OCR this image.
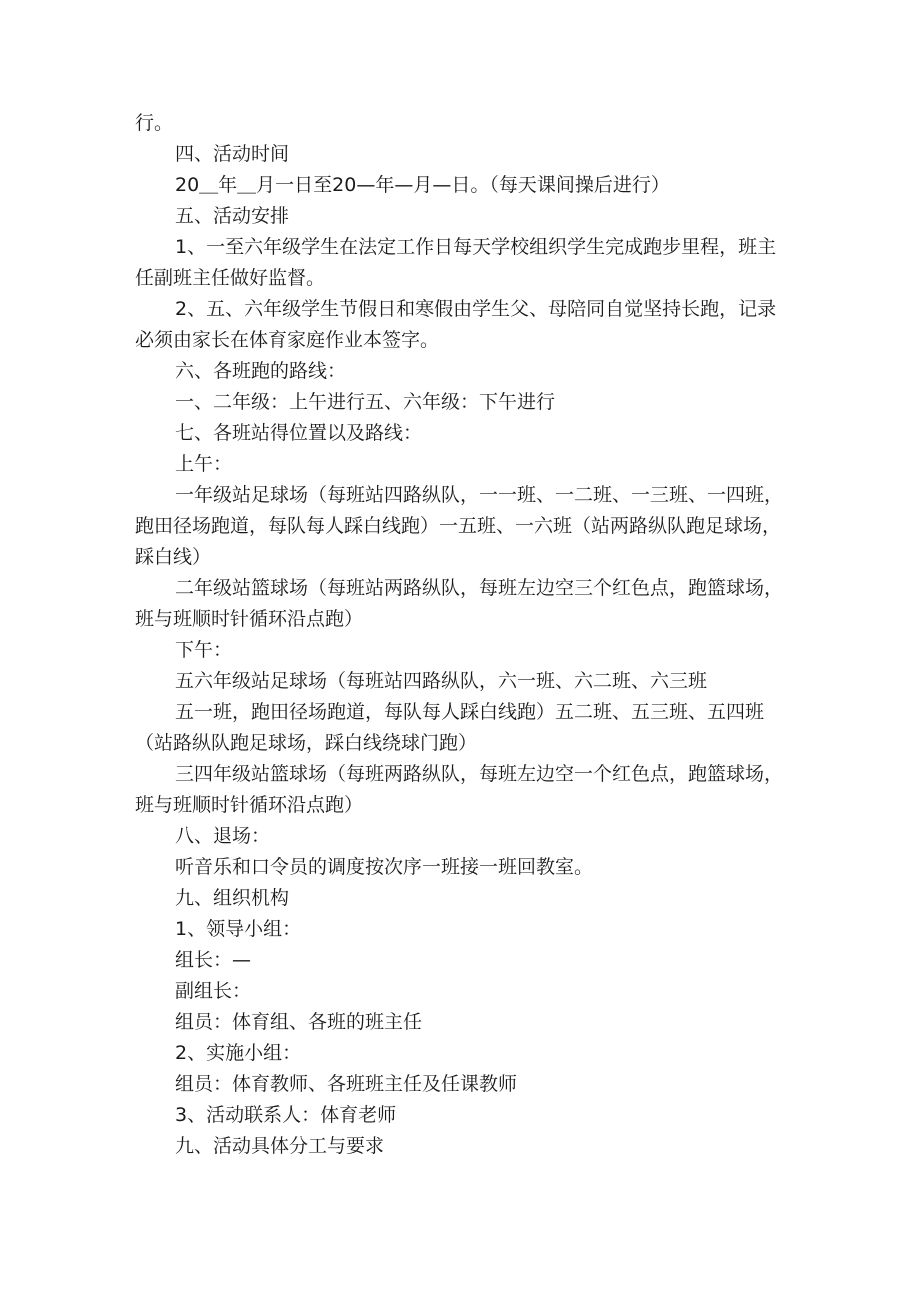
行。

四、活动时间

20＿年＿月一日至20—年—月—日。（每天课间操后进行）

五、活动安排

1、一至六年级学生在法定工作日每天学校组织学生完成跑步里程，班主任副班主任做好监督。

2、五、六年级学生节假日和寒假由学生父、母陪同自觉坚持长跑，记录必须由家长在体育家庭作业本签字。

六、各班跑的路线：

一、二年级：上午进行五、六年级：下午进行

七、各班站得位置以及路线：

上午：

一年级站足球场（每班站四路纵队，一一班、一二班、一三班、一四班，跑田径场跑道，每队每人踩白线跑）一五班、一六班（站两路纵队跑足球场，踩白线）

二年级站篮球场（每班站两路纵队，每班左边空三个红色点，跑篮球场，班与班顺时针循环沿点跑）

下午：

五六年级站足球场（每班站四路纵队，六一班、六二班、六三班

五一班，跑田径场跑道，每队每人踩白线跑）五二班、五三班、五四班（站路纵队跑足球场，踩白线绕球门跑）

三四年级站篮球场（每班两路纵队，每班左边空一个红色点，跑篮球场，班与班顺时针循环沿点跑）

八、退场：

听音乐和口令员的调度按次序一班接一班回教室。

九、组织机构

1、领导小组：

组长：—

副组长：

组员：体育组、各班的班主任

2、实施小组：

组员：体育教师、各班班主任及任课教师

3、活动联系人：体育老师

九、活动具体分工与要求
